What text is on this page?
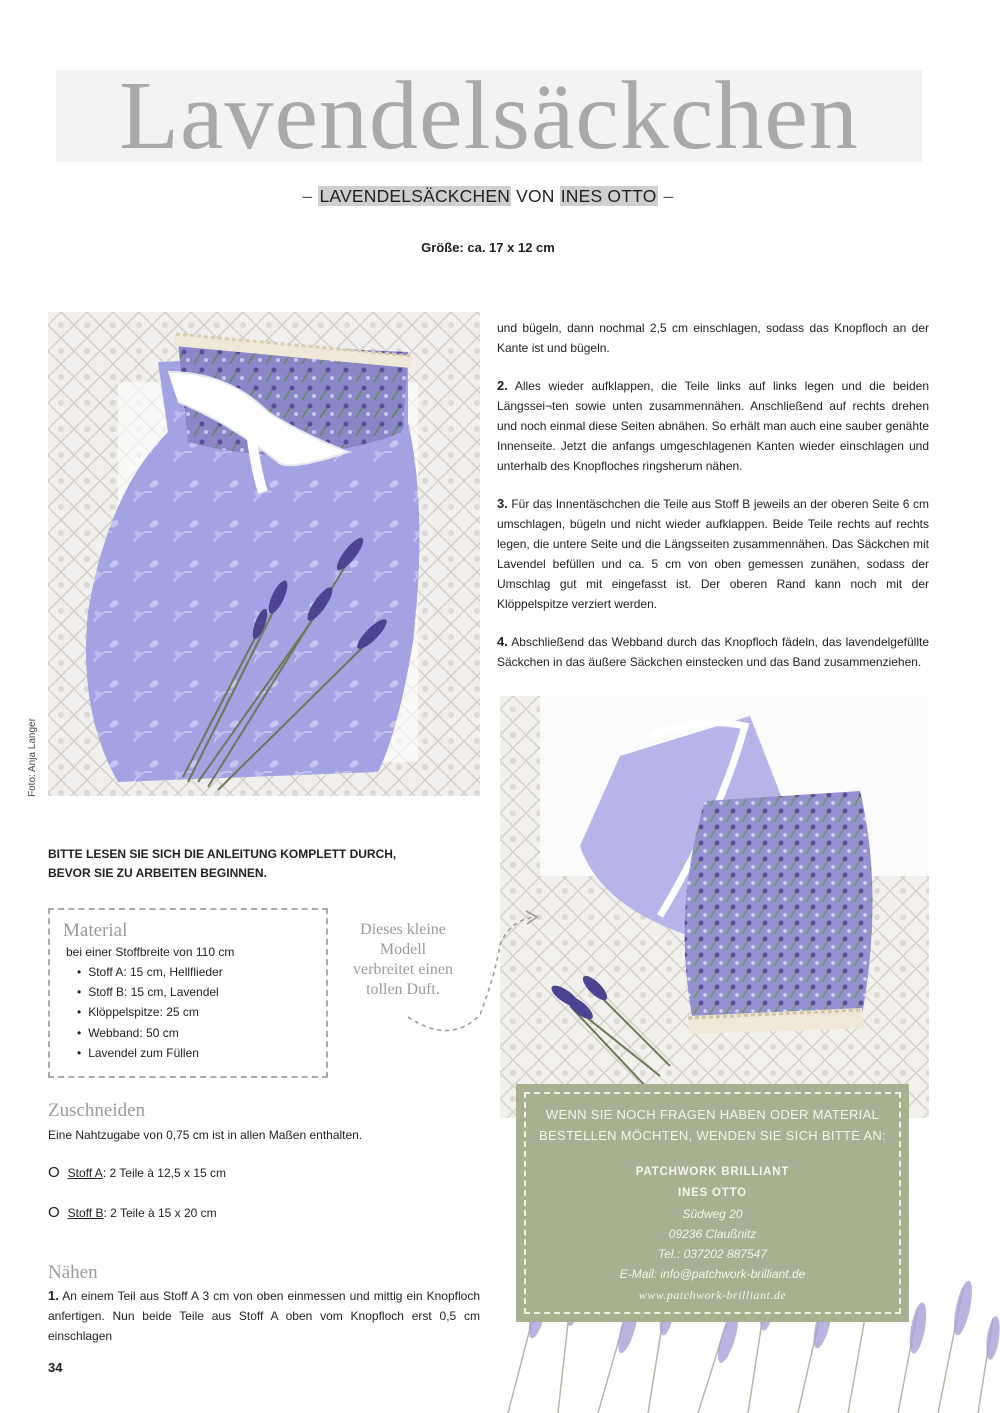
Lavendelsäckchen
– LAVENDELSÄCKCHEN VON INES OTTO –
Größe: ca. 17 x 12 cm
Foto: Anja Langer

und bügeln, dann nochmal 2,5 cm einschlagen, sodass das Knopfloch an der Kante ist und bügeln.

2. Alles wieder aufklappen, die Teile links auf links legen und die beiden Längssei¬ten sowie unten zusammennähen. Anschließend auf rechts drehen und noch einmal diese Seiten abnähen. So erhält man auch eine sauber genähte Innenseite. Jetzt die anfangs umgeschlagenen Kanten wieder einschlagen und unterhalb des Knopfloches ringsherum nähen.

3. Für das Innentäschchen die Teile aus Stoff B jeweils an der oberen Seite 6 cm umschlagen, bügeln und nicht wieder aufklappen. Beide Teile rechts auf rechts legen, die untere Seite und die Längsseiten zusammennähen. Das Säckchen mit Lavendel befüllen und ca. 5 cm von oben gemessen zunähen, sodass der Umschlag gut mit eingefasst ist. Der oberen Rand kann noch mit der Klöppelspitze verziert werden.

4. Abschließend das Webband durch das Knopfloch fädeln, das lavendelgefüllte Säckchen in das äußere Säckchen einstecken und das Band zusammenziehen.

BITTE LESEN SIE SICH DIE ANLEITUNG KOMPLETT DURCH,
BEVOR SIE ZU ARBEITEN BEGINNEN.
Material
bei einer Stoffbreite von 110 cm
• Stoff A: 15 cm, Hellflieder
• Stoff B: 15 cm, Lavendel
• Klöppelspitze: 25 cm
• Webband: 50 cm
• Lavendel zum Füllen
Dieses kleine
Modell
verbreitet einen
tollen Duft.
Zuschneiden
Eine Nahtzugabe von 0,75 cm ist in allen Maßen enthalten.
O Stoff A: 2 Teile à 12,5 x 15 cm
O Stoff B: 2 Teile à 15 x 20 cm
Nähen
1. An einem Teil aus Stoff A 3 cm von oben einmessen und mittig ein Knopfloch anfertigen. Nun beide Teile aus Stoff A oben vom Knopfloch erst 0,5 cm einschlagen
34
WENN SIE NOCH FRAGEN HABEN ODER MATERIAL
BESTELLEN MÖCHTEN, WENDEN SIE SICH BITTE AN:
PATCHWORK BRILLIANT
INES OTTO
Südweg 20
09236 Claußnitz
Tel.: 037202 887547
E-Mail: info@patchwork-brilliant.de
www.patchwork-brilliant.de
